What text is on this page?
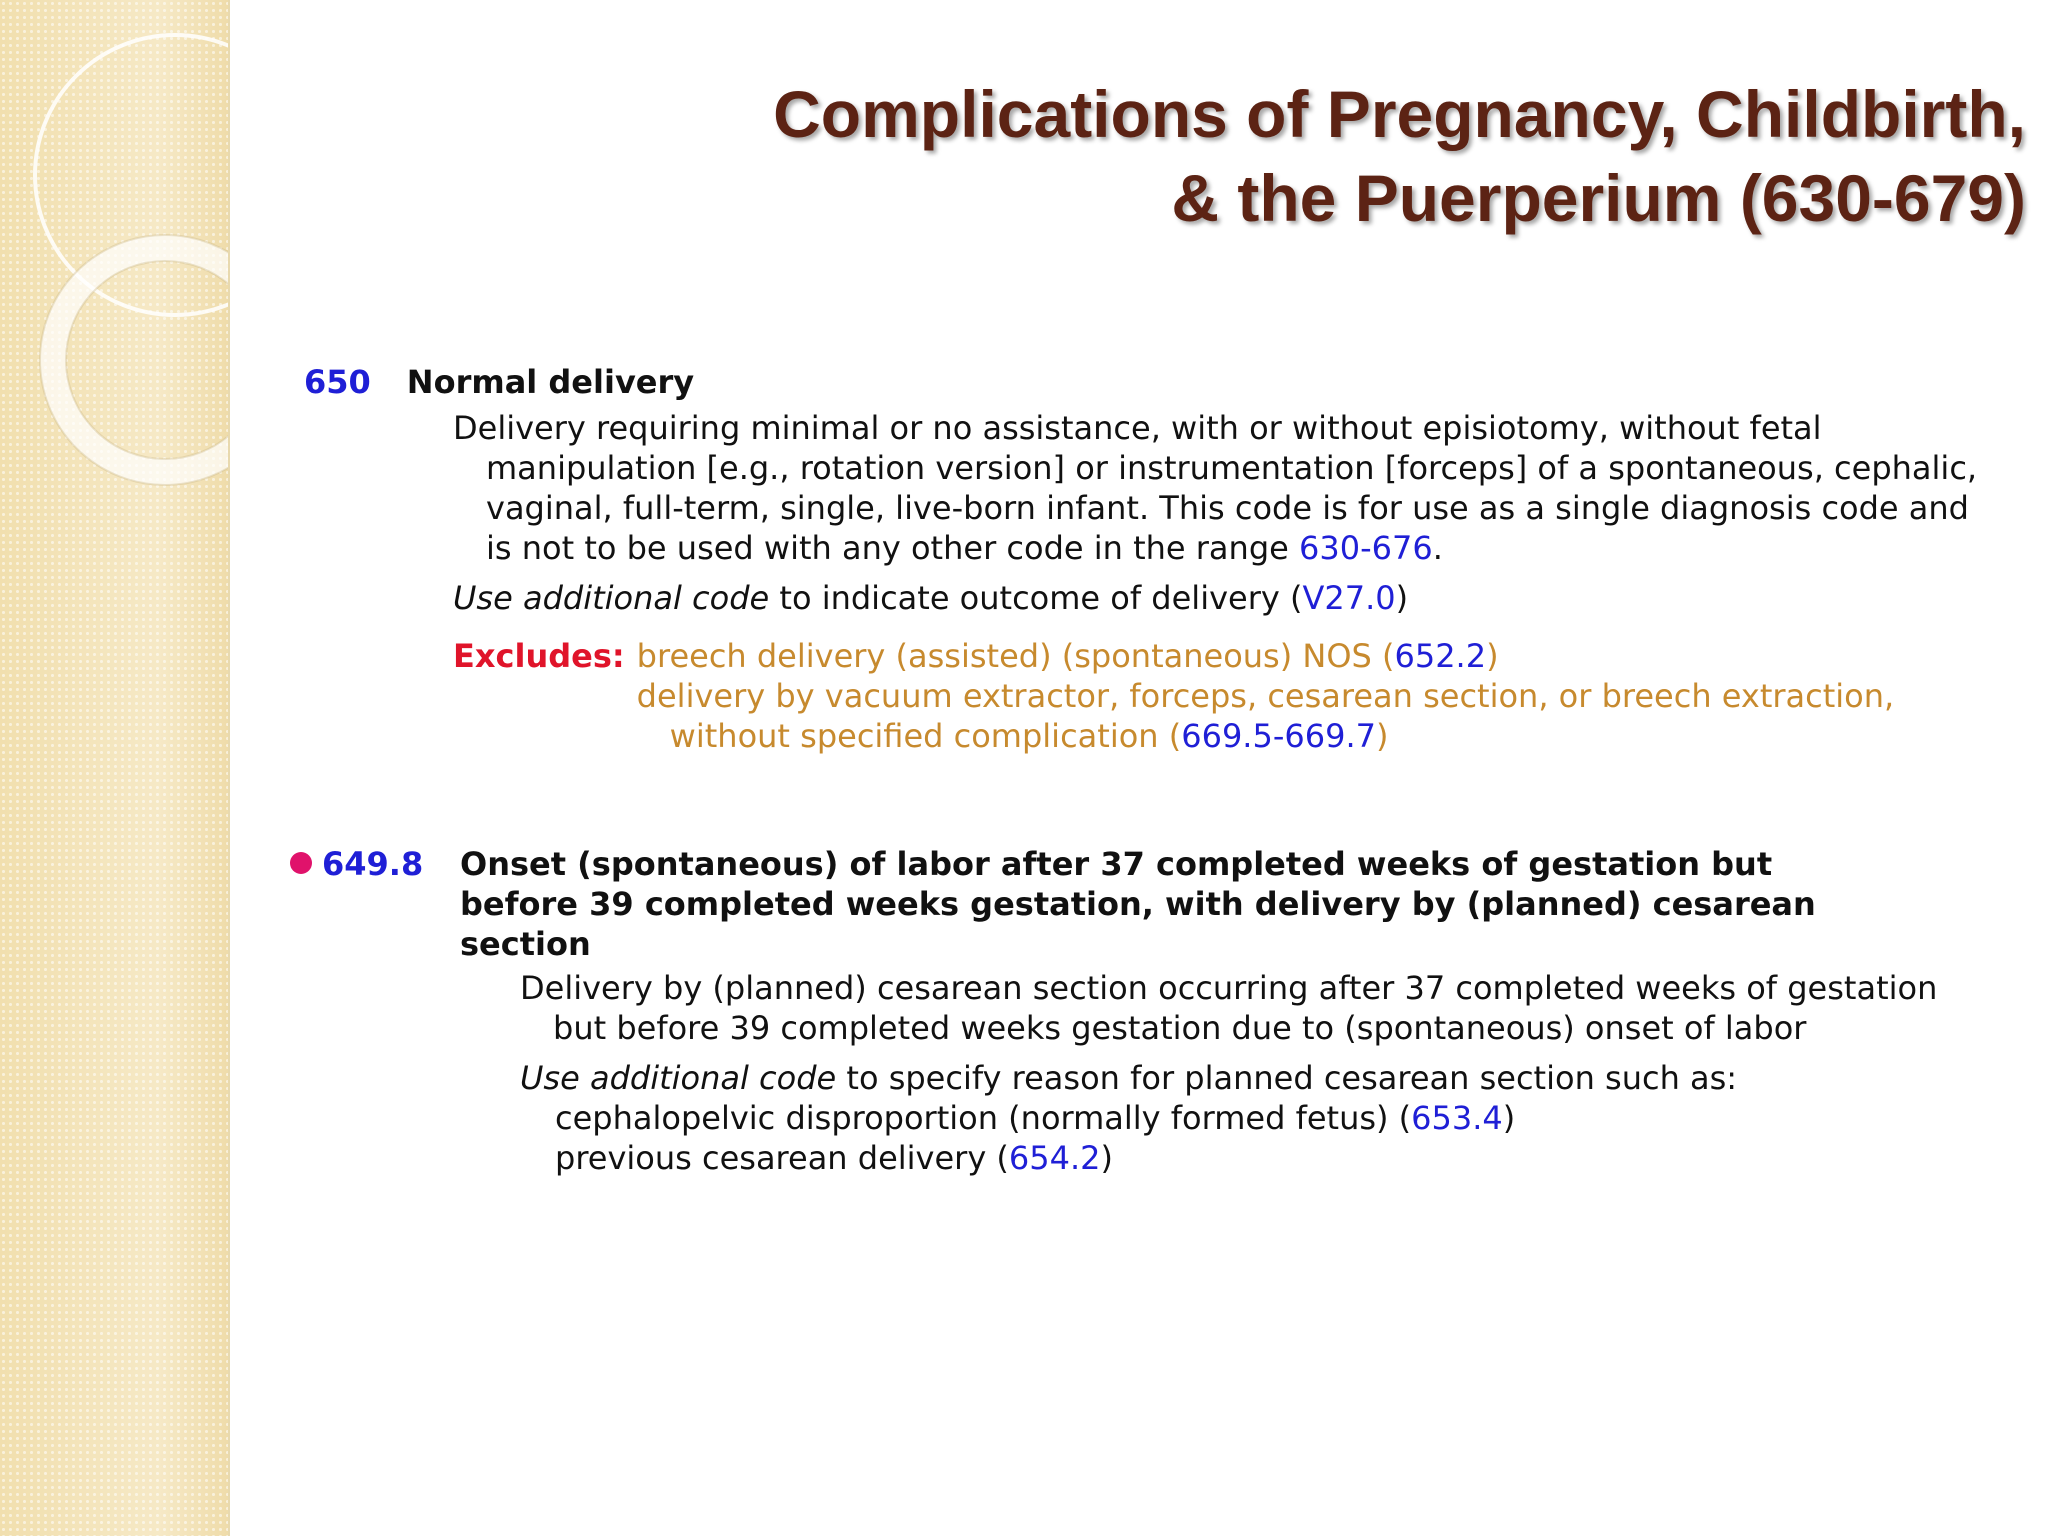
Complications of Pregnancy, Childbirth,
& the Puerperium (630-679)
650 Normal delivery

Delivery requiring minimal or no assistance, with or without episiotomy, without fetal manipulation [e.g., rotation version] or instrumentation [forceps] of a spontaneous, cephalic, vaginal, full-term, single, live-born infant. This code is for use as a single diagnosis code and is not to be used with any other code in the range 630-676.

Use additional code to indicate outcome of delivery (V27.0)

Excludes: breech delivery (assisted) (spontaneous) NOS (652.2)

delivery by vacuum extractor, forceps, cesarean section, or breech extraction, without specified complication (669.5-669.7)

649.8	Onset (spontaneous) of labor after 37 completed weeks of gestation but
before 39 completed weeks gestation, with delivery by (planned) cesarean
section

Delivery by (planned) cesarean section occurring after 37 completed weeks of gestation but before 39 completed weeks gestation due to (spontaneous) onset of labor

Use additional code to specify reason for planned cesarean section such as:

cephalopelvic disproportion (normally formed fetus) (653.4)

previous cesarean delivery (654.2)
